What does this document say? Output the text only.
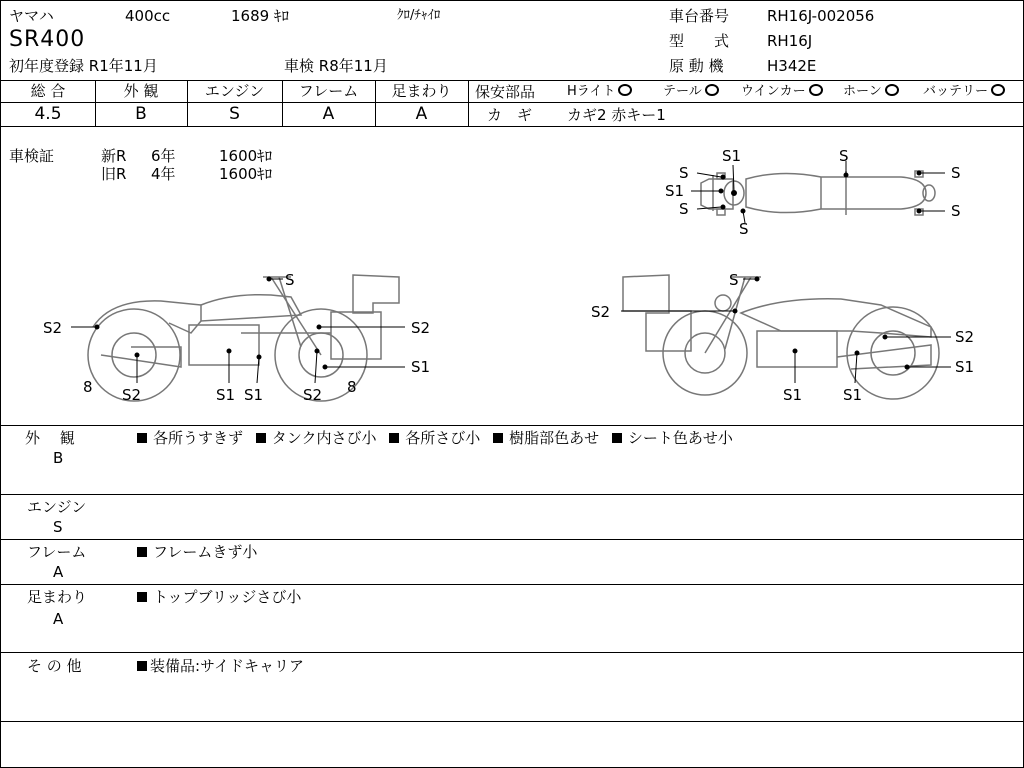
ヤマハ	400cc	1689 ｷﾛ	ｸﾛ/ﾁｬｲﾛ
SR400
初年度登録 R1年11月	車検 R8年11月
車台番号	RH16J-002056
型　　式	RH16J
原 動 機	H342E
総 合	外 観	エンジン	フレーム	足まわり
4.5	B	S	A	A
保安部品 Hライト	テール	ウインカー	ホーン	バッテリー
カ　ギ カギ2 赤キー1
車検証	新R 6年	1600ｷﾛ
旧R 4年	1600ｷﾛ
S1	S
S
S1
S
S
S
S
S
S2	S2
S1
8 S2	S1 S1	S2 8
S
S2
S2
S1
S1	S1
外　 観
B
各所うすきず タンク内さび小 各所さび小 樹脂部色あせ シート色あせ小
エンジン
S
フレーム
A
フレームきず小
足まわり
A
トップブリッジさび小
そ の 他	装備品:サイドキャリア
